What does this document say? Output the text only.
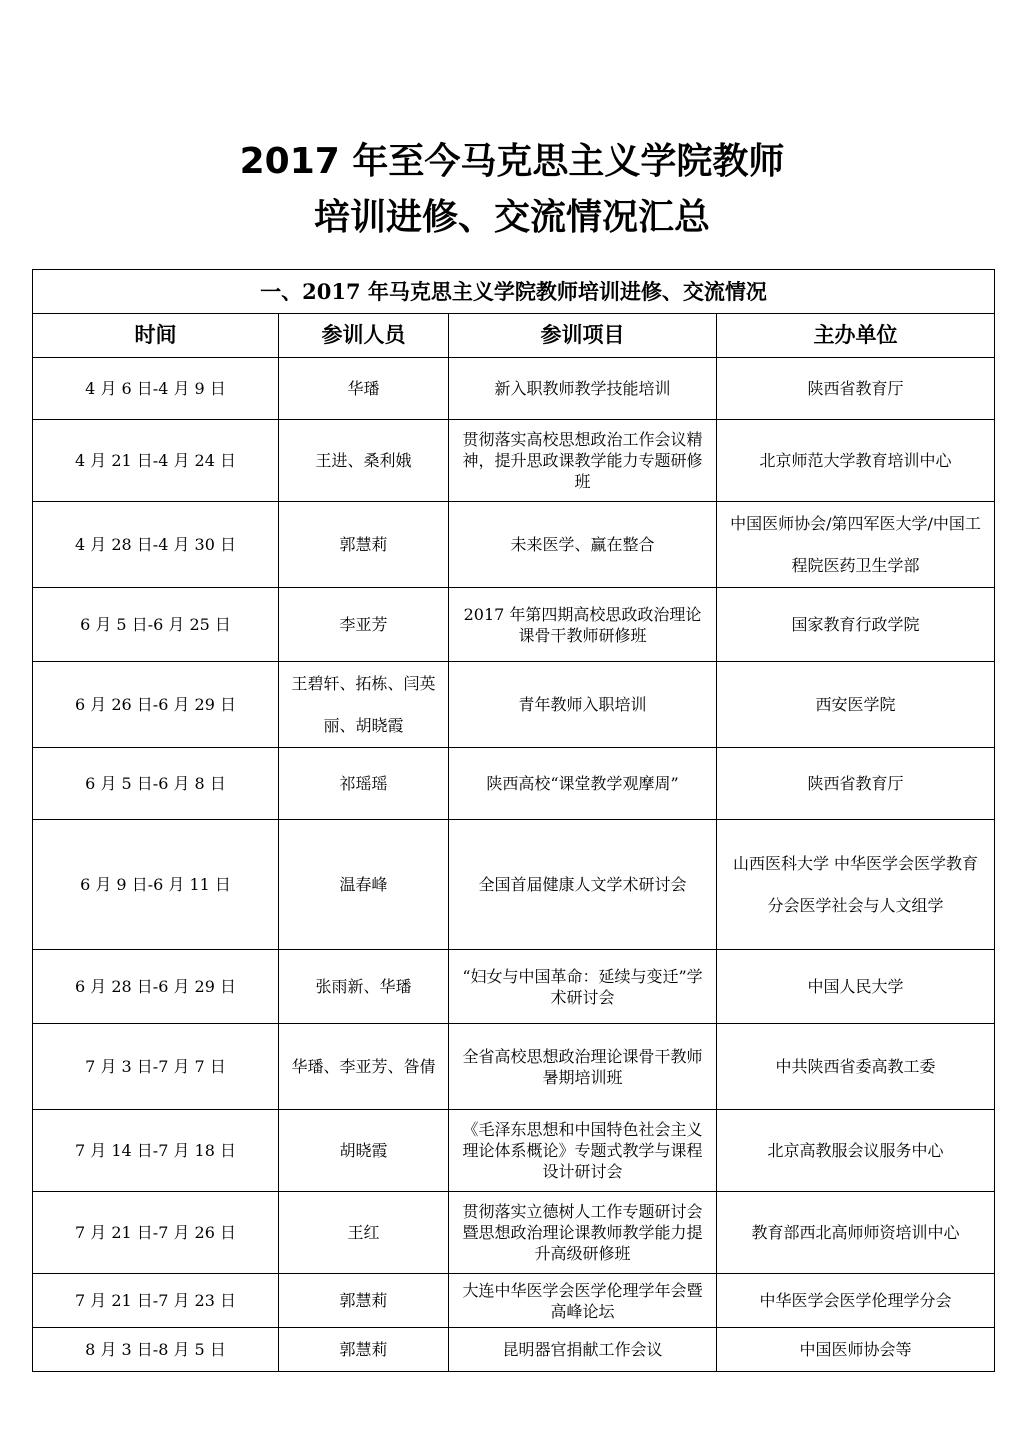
2017 年至今马克思主义学院教师
培训进修、交流情况汇总
一、2017 年马克思主义学院教师培训进修、交流情况			
时间	参训人员	参训项目	主办单位
4 月 6 日-4 月 9 日	华璠	新入职教师教学技能培训	陕西省教育厅
4 月 21 日-4 月 24 日	王进、桑利娥	贯彻落实高校思想政治工作会议精神，提升思政课教学能力专题研修班	北京师范大学教育培训中心
4 月 28 日-4 月 30 日	郭慧莉	未来医学、赢在整合	中国医师协会/第四军医大学/中国工程院医药卫生学部
6 月 5 日-6 月 25 日	李亚芳	2017 年第四期高校思政政治理论课骨干教师研修班	国家教育行政学院
6 月 26 日-6 月 29 日	王碧轩、拓栋、闫英丽、胡晓霞	青年教师入职培训	西安医学院
6 月 5 日-6 月 8 日	祁瑶瑶	陕西高校“课堂教学观摩周”	陕西省教育厅
6 月 9 日-6 月 11 日	温春峰	全国首届健康人文学术研讨会	山西医科大学 中华医学会医学教育分会医学社会与人文组学
6 月 28 日-6 月 29 日	张雨新、华璠	“妇女与中国革命：延续与变迁”学术研讨会	中国人民大学
7 月 3 日-7 月 7 日	华璠、李亚芳、昝倩	全省高校思想政治理论课骨干教师暑期培训班	中共陕西省委高教工委
7 月 14 日-7 月 18 日	胡晓霞	《毛泽东思想和中国特色社会主义理论体系概论》专题式教学与课程设计研讨会	北京高教服会议服务中心
7 月 21 日-7 月 26 日	王红	贯彻落实立德树人工作专题研讨会暨思想政治理论课教师教学能力提升高级研修班	教育部西北高师师资培训中心
7 月 21 日-7 月 23 日	郭慧莉	大连中华医学会医学伦理学年会暨高峰论坛	中华医学会医学伦理学分会
8 月 3 日-8 月 5 日	郭慧莉	昆明器官捐献工作会议	中国医师协会等
